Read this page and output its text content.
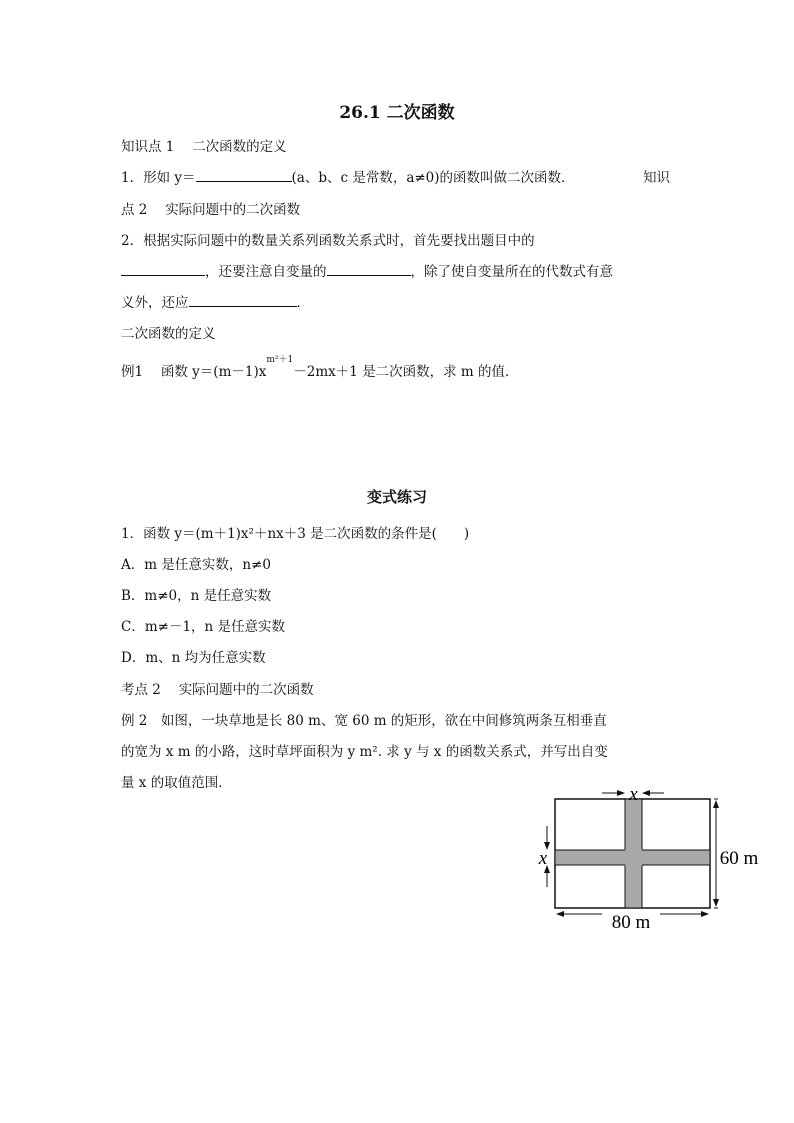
26.1 二次函数
知识点 1　 二次函数的定义
1．形如 y＝	(a、b、c 是常数，a≠0)的函数叫做二次函数．	知识
点 2　 实际问题中的二次函数
2．根据实际问题中的数量关系列函数关系式时，首先要找出题目中的
，还要注意自变量的	，除了使自变量所在的代数式有意
义外，还应	．
二次函数的定义
例1　 函数 $y=(m-1)x^{m^2+1}-2mx+1$ 是二次函数，求 m 的值．
变式练习
1．函数 y＝(m＋1)x²＋nx＋3 是二次函数的条件是(　　)
A．m 是任意实数，n≠0
B．m≠0，n 是任意实数
C．m≠－1，n 是任意实数
D．m、n 均为任意实数
考点 2　 实际问题中的二次函数
例 2　如图，一块草地是长 80 m、宽 60 m 的矩形，欲在中间修筑两条互相垂直
的宽为 x m 的小路，这时草坪面积为 y m². 求 y 与 x 的函数关系式，并写出自变
量 x 的取值范围．
x
x	60 m
80 m
